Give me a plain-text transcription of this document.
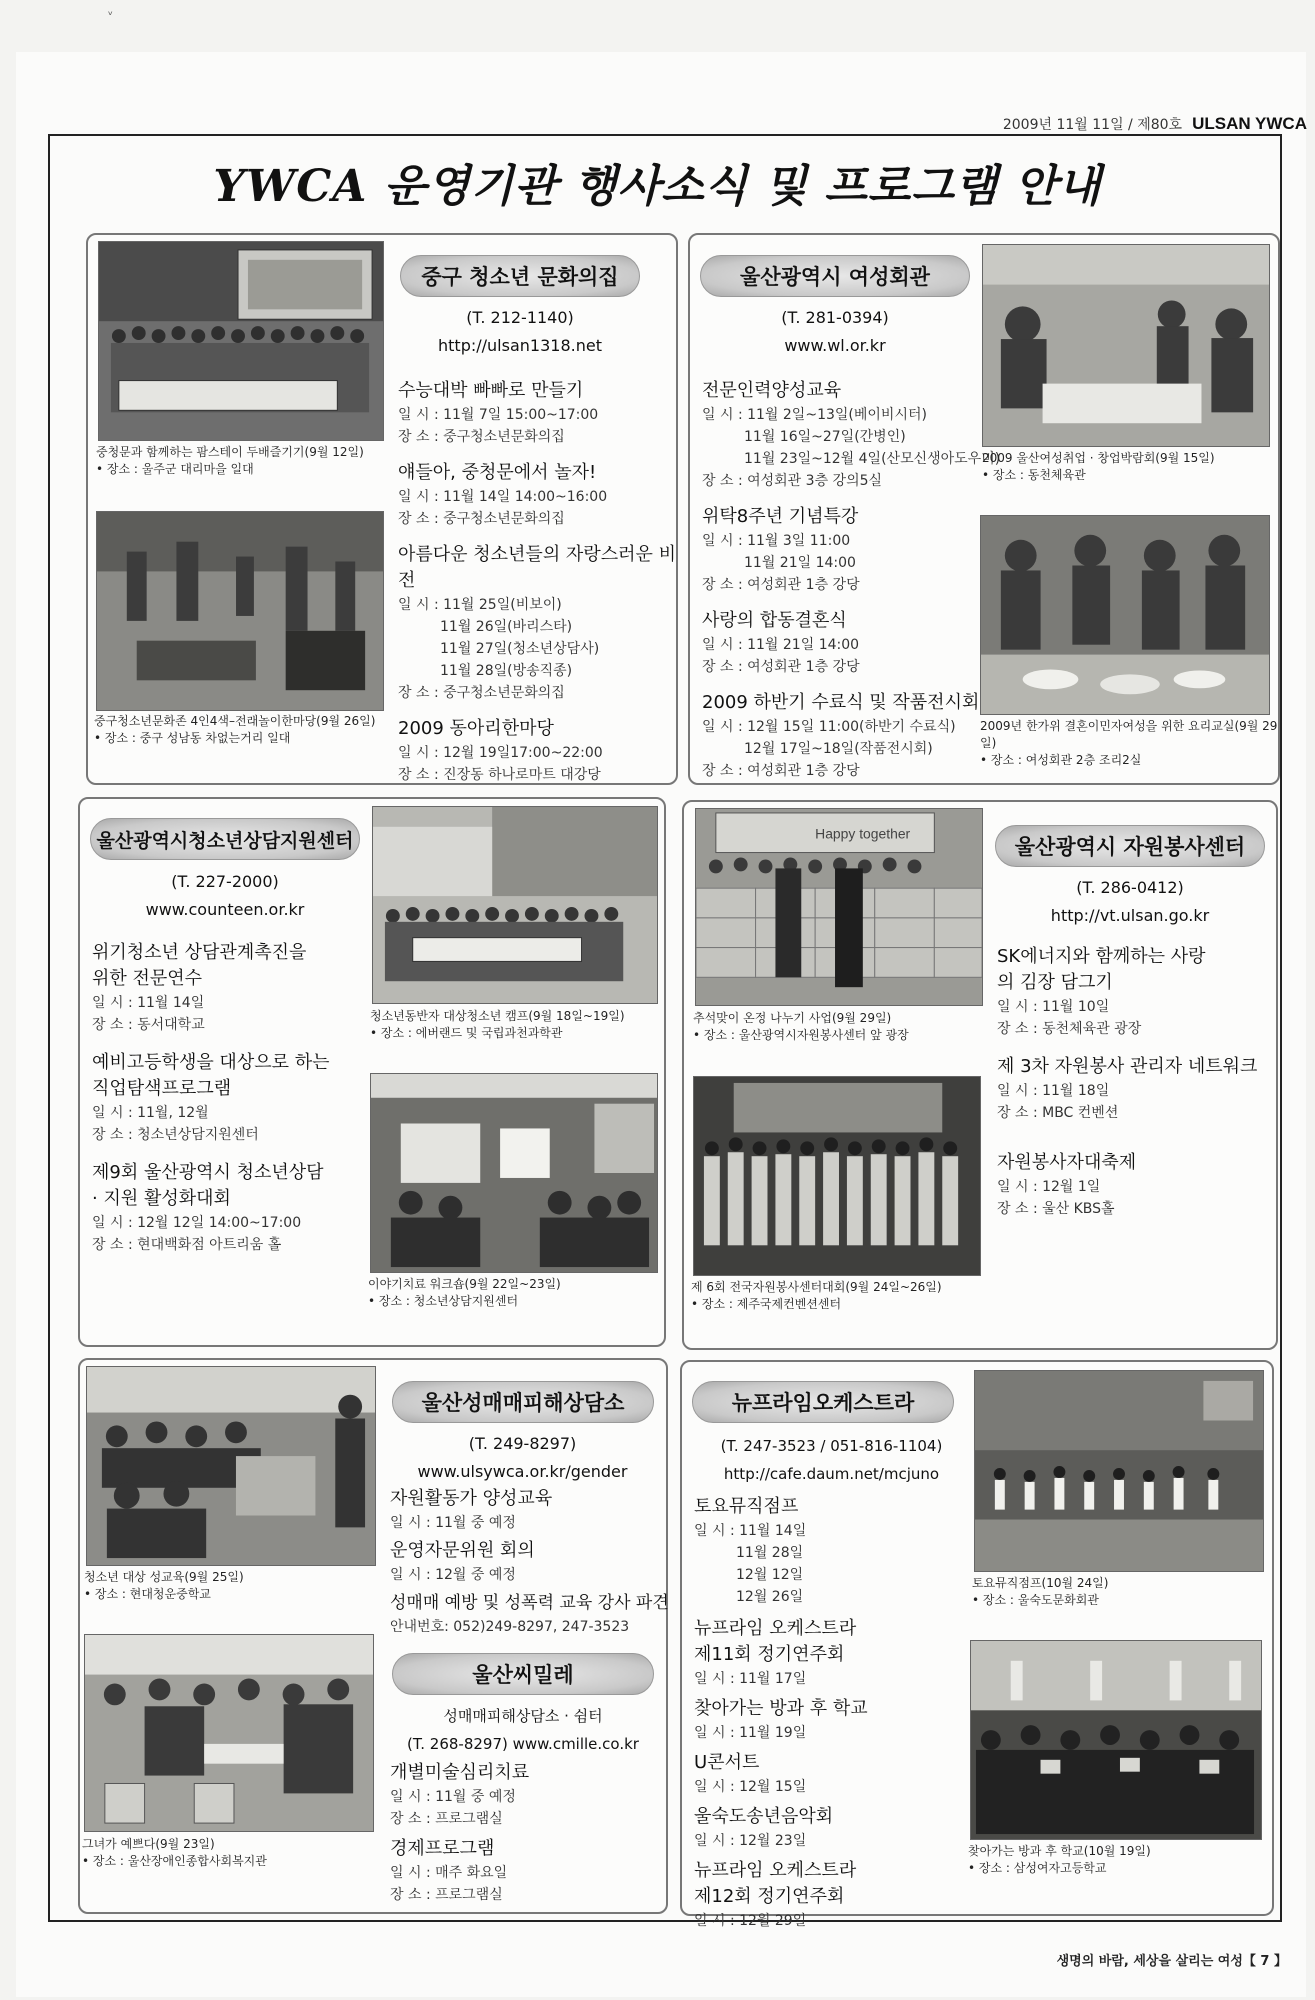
ᵛ
2009년 11월 11일 / 제80호 ULSAN YWCA
YWCA 운영기관 행사소식 및 프로그램 안내
중청문과 함께하는 팜스테이 두배즐기기(9월 12일)
• 장소 : 울주군 대리마을 일대
중구청소년문화존 4인4색–전래놀이한마당(9월 26일)
• 장소 : 중구 성남동 차없는거리 일대
중구 청소년 문화의집
(T. 212-1140)
http://ulsan1318.net
수능대박 빠빠로 만들기
일 시 : 11월 7일 15:00~17:00
장 소 : 중구청소년문화의집
얘들아, 중청문에서 놀자!
일 시 : 11월 14일 14:00~16:00
장 소 : 중구청소년문화의집
아름다운 청소년들의 자랑스러운 비전
일 시 : 11월 25일(비보이)
　　　11월 26일(바리스타)
　　　11월 27일(청소년상담사)
　　　11월 28일(방송직종)
장 소 : 중구청소년문화의집
2009 동아리한마당
일 시 : 12월 19일17:00~22:00
장 소 : 진장동 하나로마트 대강당
울산광역시 여성회관
(T. 281-0394)
www.wl.or.kr
전문인력양성교육
일 시 : 11월 2일~13일(베이비시터)
　　　11월 16일~27일(간병인)
　　　11월 23일~12월 4일(산모신생아도우미)
장 소 : 여성회관 3층 강의5실
위탁8주년 기념특강
일 시 : 11월 3일 11:00
　　　11월 21일 14:00
장 소 : 여성회관 1층 강당
사랑의 합동결혼식
일 시 : 11월 21일 14:00
장 소 : 여성회관 1층 강당
2009 하반기 수료식 및 작품전시회
일 시 : 12월 15일 11:00(하반기 수료식)
　　　12월 17일~18일(작품전시회)
장 소 : 여성회관 1층 강당
2009 울산여성취업 · 창업박람회(9월 15일)
• 장소 : 동천체육관
2009년 한가위 결혼이민자여성을 위한 요리교실(9월 29일)
• 장소 : 여성회관 2층 조리2실
울산광역시청소년상담지원센터
(T. 227-2000)
www.counteen.or.kr
위기청소년 상담관계촉진을 위한 전문연수
일 시 : 11월 14일
장 소 : 동서대학교
예비고등학생을 대상으로 하는 직업탐색프로그램
일 시 : 11월, 12월
장 소 : 청소년상담지원센터
제9회 울산광역시 청소년상담 · 지원 활성화대회
일 시 : 12월 12일 14:00~17:00
장 소 : 현대백화점 아트리움 홀
청소년동반자 대상청소년 캠프(9월 18일~19일)
• 장소 : 에버랜드 및 국립과천과학관
이야기치료 워크숍(9월 22일~23일)
• 장소 : 청소년상담지원센터
Happy together
추석맞이 온정 나누기 사업(9월 29일)
• 장소 : 울산광역시자원봉사센터 앞 광장
제 6회 전국자원봉사센터대회(9월 24일~26일)
• 장소 : 제주국제컨벤션센터
울산광역시 자원봉사센터
(T. 286-0412)
http://vt.ulsan.go.kr
SK에너지와 함께하는 사랑의 김장 담그기
일 시 : 11월 10일
장 소 : 동천체육관 광장
제 3차 자원봉사 관리자 네트워크
일 시 : 11월 18일
장 소 : MBC 컨벤션
자원봉사자대축제
일 시 : 12월 1일
장 소 : 울산 KBS홀
청소년 대상 성교육(9월 25일)
• 장소 : 현대청운중학교
그녀가 예쁘다(9월 23일)
• 장소 : 울산장애인종합사회복지관
울산성매매피해상담소
(T. 249-8297)
www.ulsywca.or.kr/gender
자원활동가 양성교육
일 시 : 11월 중 예정
운영자문위원 회의
일 시 : 12월 중 예정
성매매 예방 및 성폭력 교육 강사 파견
안내번호: 052)249-8297, 247-3523
울산씨밀레
성매매피해상담소 · 쉼터
(T. 268-8297) www.cmille.co.kr
개별미술심리치료
일 시 : 11월 중 예정
장 소 : 프로그램실
경제프로그램
일 시 : 매주 화요일
장 소 : 프로그램실
뉴프라임오케스트라
(T. 247-3523 / 051-816-1104)
http://cafe.daum.net/mcjuno
토요뮤직점프
일 시 : 11월 14일
　　　11월 28일
　　　12월 12일
　　　12월 26일
뉴프라임 오케스트라 제11회 정기연주회
일 시 : 11월 17일
찾아가는 방과 후 학교
일 시 : 11월 19일
U콘서트
일 시 : 12월 15일
울숙도송년음악회
일 시 : 12월 23일
뉴프라임 오케스트라 제12회 정기연주회
일 시 : 12월 29일
토요뮤직점프(10월 24일)
• 장소 : 울숙도문화회관
찾아가는 방과 후 학교(10월 19일)
• 장소 : 삼성여자고등학교
생명의 바람, 세상을 살리는 여성【 7 】
